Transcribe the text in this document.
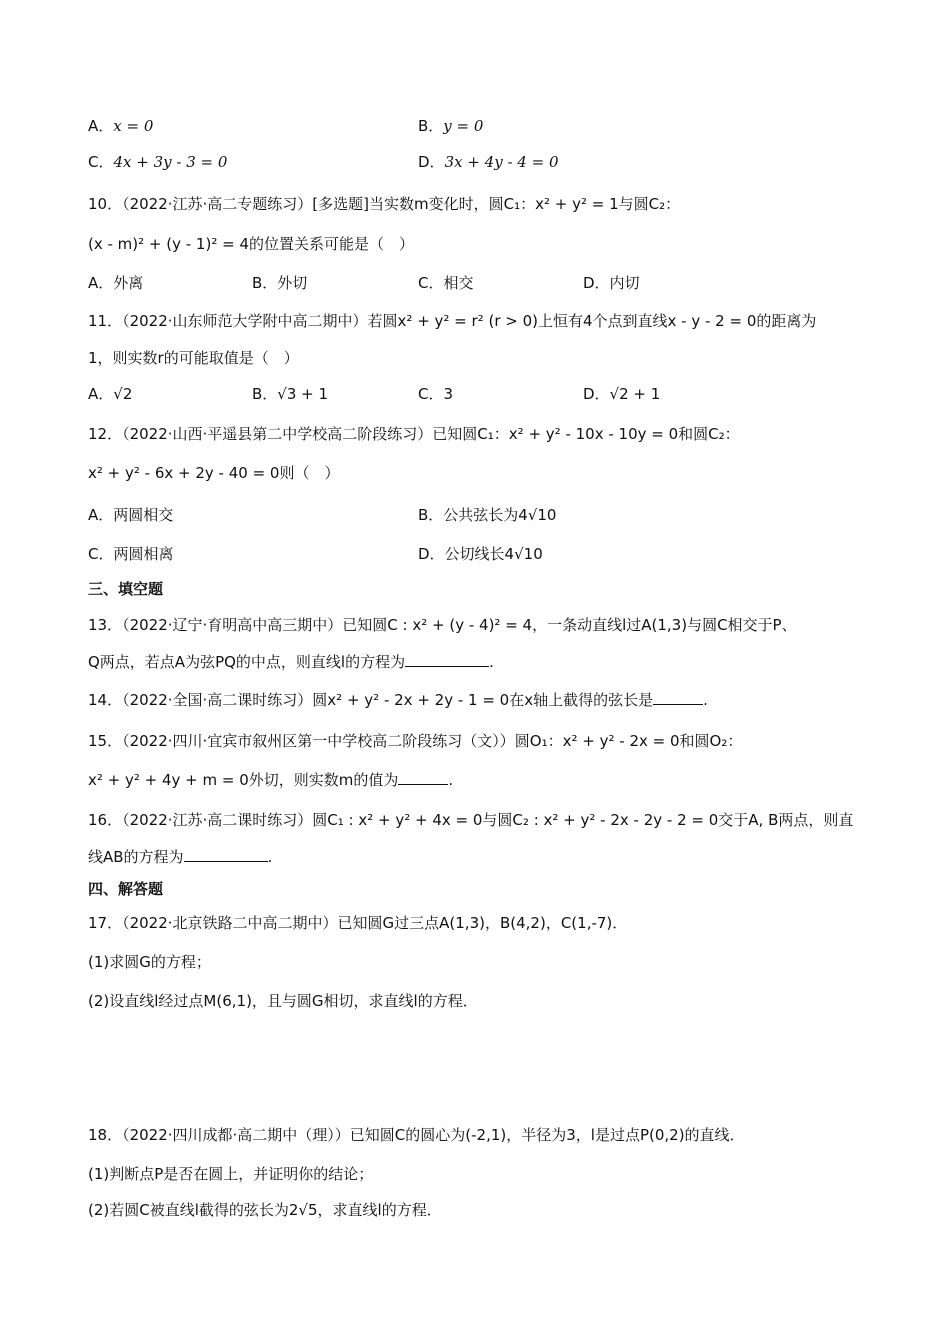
A．x = 0	B．y = 0
C．4x + 3y - 3 = 0	D．3x + 4y - 4 = 0
10．（2022·江苏·高二专题练习）[多选题]当实数m变化时，圆C₁：x² + y² = 1与圆C₂：
(x - m)² + (y - 1)² = 4的位置关系可能是（　）
A．外离	B．外切	C．相交	D．内切
11．（2022·山东师范大学附中高二期中）若圆x² + y² = r² (r > 0)上恒有4个点到直线x - y - 2 = 0的距离为
1，则实数r的可能取值是（　）
A．√2	B．√3 + 1	C．3	D．√2 + 1
12．（2022·山西·平遥县第二中学校高二阶段练习）已知圆C₁：x² + y² - 10x - 10y = 0和圆C₂：
x² + y² - 6x + 2y - 40 = 0则（　）
A．两圆相交	B．公共弦长为4√10
C．两圆相离	D．公切线长4√10
三、填空题
13．（2022·辽宁·育明高中高三期中）已知圆C : x² + (y - 4)² = 4，一条动直线l过A(1,3)与圆C相交于P、
Q两点，若点A为弦PQ的中点，则直线l的方程为	.
14．（2022·全国·高二课时练习）圆x² + y² - 2x + 2y - 1 = 0在x轴上截得的弦长是	.
15．（2022·四川·宜宾市叙州区第一中学校高二阶段练习（文））圆O₁：x² + y² - 2x = 0和圆O₂：
x² + y² + 4y + m = 0外切，则实数m的值为	.
16．（2022·江苏·高二课时练习）圆C₁ : x² + y² + 4x = 0与圆C₂ : x² + y² - 2x - 2y - 2 = 0交于A, B两点，则直
线AB的方程为	.
四、解答题
17．（2022·北京铁路二中高二期中）已知圆G过三点A(1,3)，B(4,2)，C(1,-7)．
(1)求圆G的方程；
(2)设直线l经过点M(6,1)，且与圆G相切，求直线l的方程．
18．（2022·四川成都·高二期中（理））已知圆C的圆心为(-2,1)，半径为3，l是过点P(0,2)的直线．
(1)判断点P是否在圆上，并证明你的结论；
(2)若圆C被直线l截得的弦长为2√5，求直线l的方程．
